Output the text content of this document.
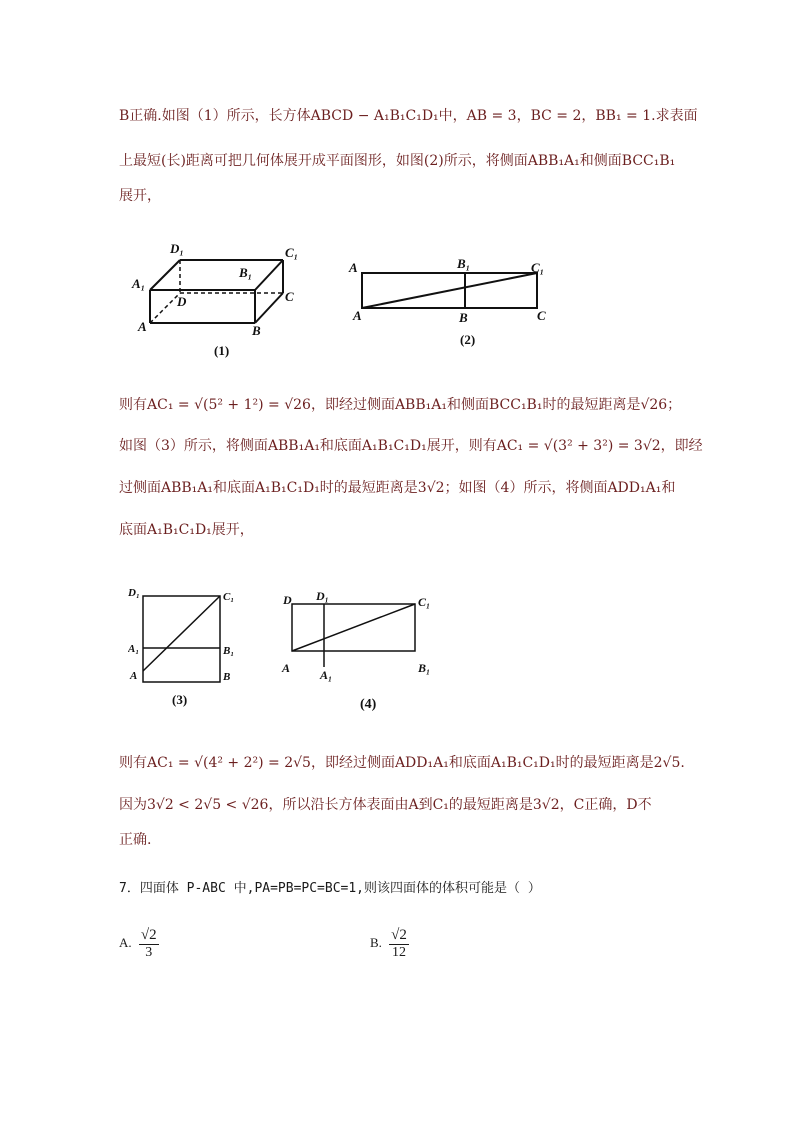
B正确.如图（1）所示，长方体ABCD − A₁B₁C₁D₁中，AB = 3，BC = 2，BB₁ = 1.求表面
上最短(长)距离可把几何体展开成平面图形，如图(2)所示，将侧面ABB₁A₁和侧面BCC₁B₁
展开，
D₁	C₁
A₁
B₁
D	C
A	B
(1)
A	B₁	C₁
A	B	C
(2)
则有AC₁ = √(5² + 1²) = √26，即经过侧面ABB₁A₁和侧面BCC₁B₁时的最短距离是√26；
如图（3）所示，将侧面ABB₁A₁和底面A₁B₁C₁D₁展开，则有AC₁ = √(3² + 3²) = 3√2，即经
过侧面ABB₁A₁和底面A₁B₁C₁D₁时的最短距离是3√2；如图（4）所示，将侧面ADD₁A₁和
底面A₁B₁C₁D₁展开，
D₁	C₁
A₁	B₁
A	B
(3)
D D₁	C₁
A A₁	B₁
(4)
则有AC₁ = √(4² + 2²) = 2√5，即经过侧面ADD₁A₁和底面A₁B₁C₁D₁时的最短距离是2√5.
因为3√2 < 2√5 < √26，所以沿长方体表面由A到C₁的最短距离是3√2，C正确，D不
正确.
7．四面体 P-ABC 中,PA=PB=PC=BC=1,则该四面体的体积可能是（ ）
A. $\frac{√2}{3}$	B. $\frac{√2}{12}$
